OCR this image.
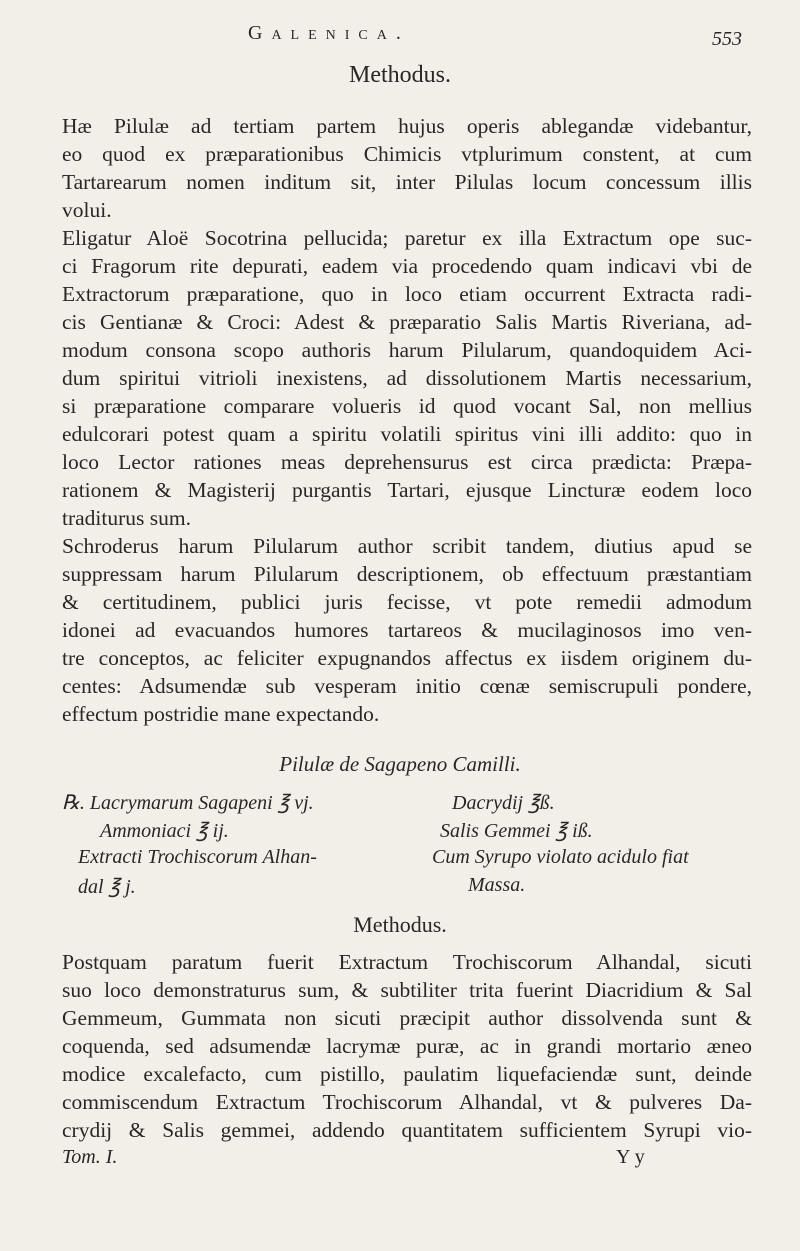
Galenica.	553
Methodus.
Hæ Pilulæ ad tertiam partem hujus operis ablegandæ videbantur,
eo quod ex præparationibus Chimicis vtplurimum constent, at cum
Tartarearum nomen inditum sit, inter Pilulas locum concessum illis
volui.
Eligatur Aloë Socotrina pellucida; paretur ex illa Extractum ope suc-
ci Fragorum rite depurati, eadem via procedendo quam indicavi vbi de
Extractorum præparatione, quo in loco etiam occurrent Extracta radi-
cis Gentianæ & Croci: Adest & præparatio Salis Martis Riveriana, ad-
modum consona scopo authoris harum Pilularum, quandoquidem Aci-
dum spiritui vitrioli inexistens, ad dissolutionem Martis necessarium,
si præparatione comparare volueris id quod vocant Sal, non mellius
edulcorari potest quam a spiritu volatili spiritus vini illi addito: quo in
loco Lector rationes meas deprehensurus est circa prædicta: Præpa-
rationem & Magisterij purgantis Tartari, ejusque Lincturæ eodem loco
traditurus sum.
Schroderus harum Pilularum author scribit tandem, diutius apud se
suppressam harum Pilularum descriptionem, ob effectuum præstantiam
& certitudinem, publici juris fecisse, vt pote remedii admodum
idonei ad evacuandos humores tartareos & mucilaginosos imo ven-
tre conceptos, ac feliciter expugnandos affectus ex iisdem originem du-
centes: Adsumendæ sub vesperam initio cœnæ semiscrupuli pondere,
effectum postridie mane expectando.
Pilulæ de Sagapeno Camilli.
℞. Lacrymarum Sagapeni ℥ vj.
Ammoniaci ℥ ij.
Extracti Trochiscorum Alhan-
dal ℥ j.
Dacrydij ℥ß.
Salis Gemmei ℥ iß.
Cum Syrupo violato acidulo fiat
Massa.
Methodus.
Postquam paratum fuerit Extractum Trochiscorum Alhandal, sicuti
suo loco demonstraturus sum, & subtiliter trita fuerint Diacridium & Sal
Gemmeum, Gummata non sicuti præcipit author dissolvenda sunt &
coquenda, sed adsumendæ lacrymæ puræ, ac in grandi mortario æneo
modice excalefacto, cum pistillo, paulatim liquefaciendæ sunt, deinde
commiscendum Extractum Trochiscorum Alhandal, vt & pulveres Da-
crydij & Salis gemmei, addendo quantitatem sufficientem Syrupi vio-
Tom. I.	Y y
